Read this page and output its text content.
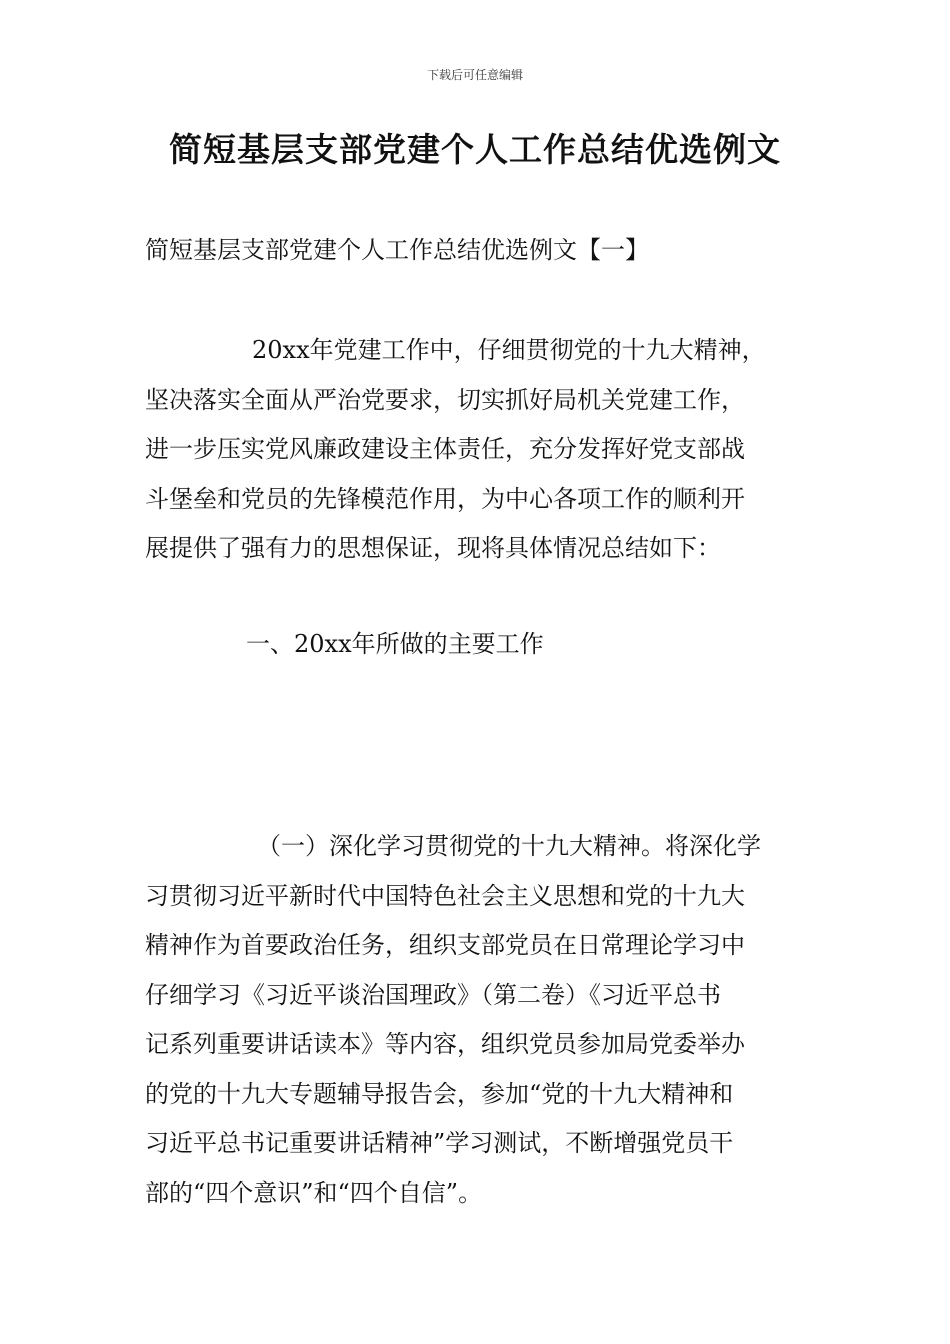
下载后可任意编辑
简短基层支部党建个人工作总结优选例文

简短基层支部党建个人工作总结优选例文【一】

20xx年党建工作中，仔细贯彻党的十九大精神，
坚决落实全面从严治党要求，切实抓好局机关党建工作，
进一步压实党风廉政建设主体责任，充分发挥好党支部战
斗堡垒和党员的先锋模范作用，为中心各项工作的顺利开
展提供了强有力的思想保证，现将具体情况总结如下：

一、20xx年所做的主要工作

（一）深化学习贯彻党的十九大精神。将深化学
习贯彻习近平新时代中国特色社会主义思想和党的十九大
精神作为首要政治任务，组织支部党员在日常理论学习中
仔细学习《习近平谈治国理政》（第二卷）《习近平总书
记系列重要讲话读本》等内容，组织党员参加局党委举办
的党的十九大专题辅导报告会，参加“党的十九大精神和
习近平总书记重要讲话精神”学习测试，不断增强党员干
部的“四个意识”和“四个自信”。
